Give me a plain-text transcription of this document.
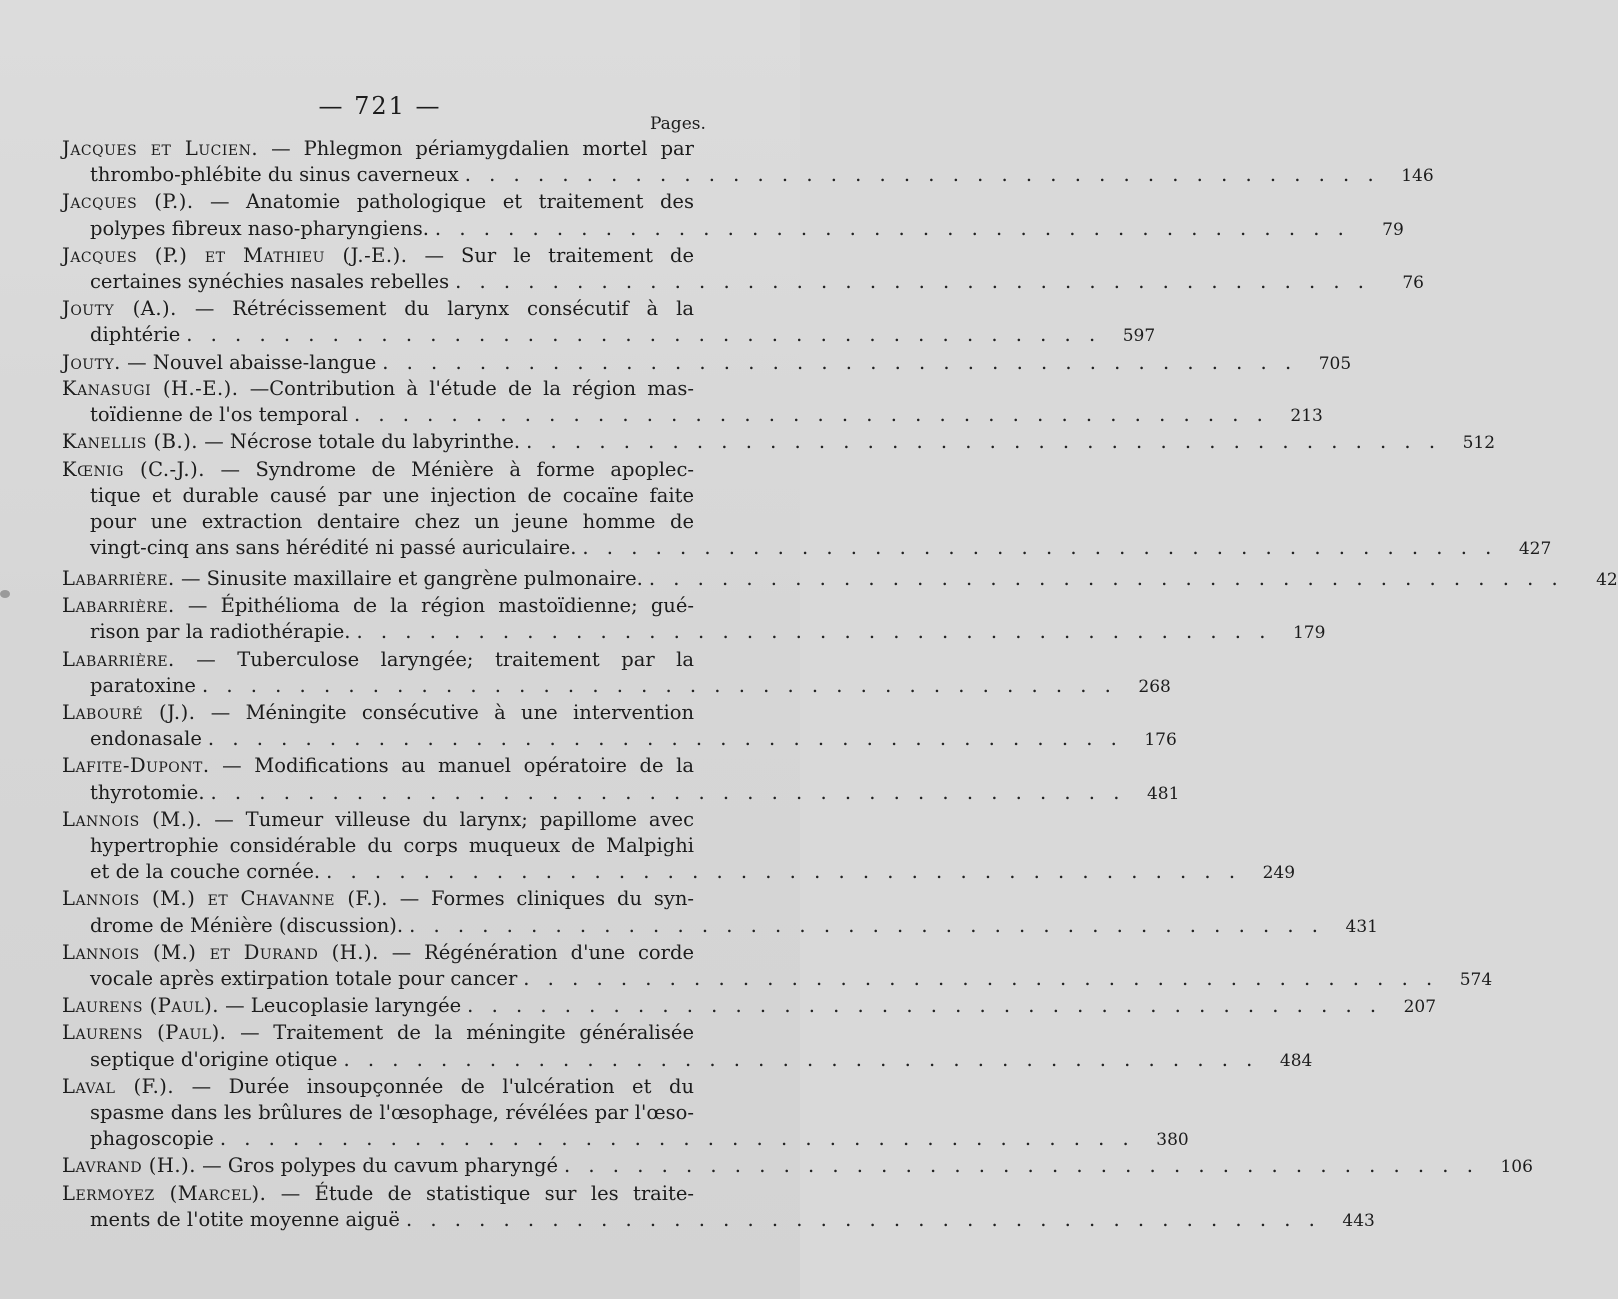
— 721 —
Pages.
Jacques et Lucien. — Phlegmon périamygdalien mortel par
thrombo-phlébite du sinus caverneux . . . . . . . . . . . . . . . . . . . . . . . . . . . . . . . . . . . . . .	146
Jacques (P.). — Anatomie pathologique et traitement des
polypes fibreux naso-pharyngiens. . . . . . . . . . . . . . . . . . . . . . . . . . . . . . . . . . . . . . .	79
Jacques (P.) et Mathieu (J.-E.). — Sur le traitement de
certaines synéchies nasales rebelles . . . . . . . . . . . . . . . . . . . . . . . . . . . . . . . . . . . . . .	76
Jouty (A.). — Rétrécissement du larynx consécutif à la
diphtérie . . . . . . . . . . . . . . . . . . . . . . . . . . . . . . . . . . . . . .	597
Jouty. — Nouvel abaisse-langue . . . . . . . . . . . . . . . . . . . . . . . . . . . . . . . . . . . . . .	705
Kanasugi (H.-E.). —Contribution à l'étude de la région mas-
toïdienne de l'os temporal . . . . . . . . . . . . . . . . . . . . . . . . . . . . . . . . . . . . . .	213
Kanellis (B.). — Nécrose totale du labyrinthe. . . . . . . . . . . . . . . . . . . . . . . . . . . . . . . . . . . . . . .	512
Kœnig (C.-J.). — Syndrome de Ménière à forme apoplec-
tique et durable causé par une injection de cocaïne faite
pour une extraction dentaire chez un jeune homme de
vingt-cinq ans sans hérédité ni passé auriculaire. . . . . . . . . . . . . . . . . . . . . . . . . . . . . . . . . . . . . . .	427
Labarrière. — Sinusite maxillaire et gangrène pulmonaire. . . . . . . . . . . . . . . . . . . . . . . . . . . . . . . . . . . . . . .	42
Labarrière. — Épithélioma de la région mastoïdienne; gué-
rison par la radiothérapie. . . . . . . . . . . . . . . . . . . . . . . . . . . . . . . . . . . . . . .	179
Labarrière. — Tuberculose laryngée; traitement par la
paratoxine . . . . . . . . . . . . . . . . . . . . . . . . . . . . . . . . . . . . . .	268
Labouré (J.). — Méningite consécutive à une intervention
endonasale . . . . . . . . . . . . . . . . . . . . . . . . . . . . . . . . . . . . . .	176
Lafite-Dupont. — Modifications au manuel opératoire de la
thyrotomie. . . . . . . . . . . . . . . . . . . . . . . . . . . . . . . . . . . . . . .	481
Lannois (M.). — Tumeur villeuse du larynx; papillome avec
hypertrophie considérable du corps muqueux de Malpighi
et de la couche cornée. . . . . . . . . . . . . . . . . . . . . . . . . . . . . . . . . . . . . . .	249
Lannois (M.) et Chavanne (F.). — Formes cliniques du syn-
drome de Ménière (discussion). . . . . . . . . . . . . . . . . . . . . . . . . . . . . . . . . . . . . . .	431
Lannois (M.) et Durand (H.). — Régénération d'une corde
vocale après extirpation totale pour cancer . . . . . . . . . . . . . . . . . . . . . . . . . . . . . . . . . . . . . .	574
Laurens (Paul). — Leucoplasie laryngée . . . . . . . . . . . . . . . . . . . . . . . . . . . . . . . . . . . . . .	207
Laurens (Paul). — Traitement de la méningite généralisée
septique d'origine otique . . . . . . . . . . . . . . . . . . . . . . . . . . . . . . . . . . . . . .	484
Laval (F.). — Durée insoupçonnée de l'ulcération et du
spasme dans les brûlures de l'œsophage, révélées par l'œso-
phagoscopie . . . . . . . . . . . . . . . . . . . . . . . . . . . . . . . . . . . . . .	380
Lavrand (H.). — Gros polypes du cavum pharyngé . . . . . . . . . . . . . . . . . . . . . . . . . . . . . . . . . . . . . .	106
Lermoyez (Marcel). — Étude de statistique sur les traite-
ments de l'otite moyenne aiguë . . . . . . . . . . . . . . . . . . . . . . . . . . . . . . . . . . . . . .	443
